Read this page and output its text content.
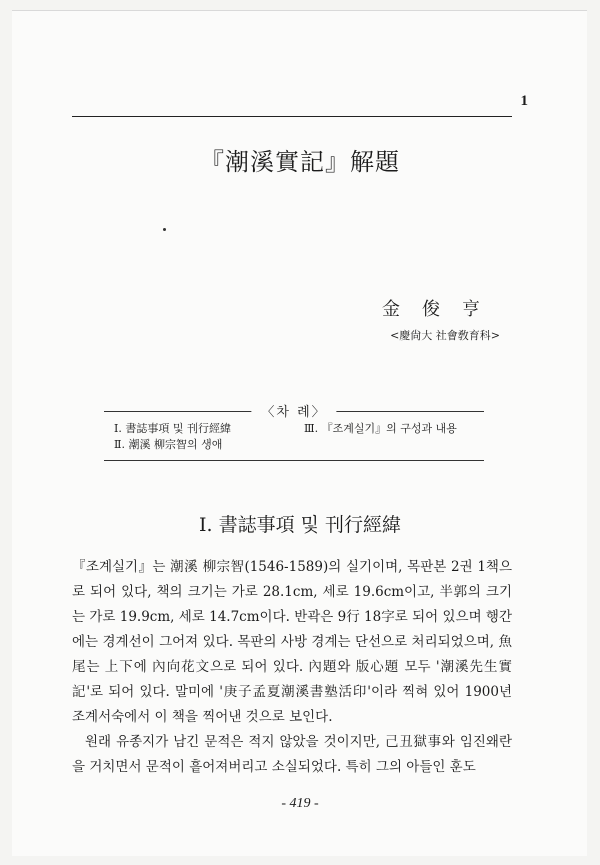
1
『潮溪實記』解題
金俊亨
<慶尙大 社會敎育科>
〈차 례〉
Ⅰ. 書誌事項 및 刊行經緯
Ⅱ. 潮溪 柳宗智의 생애
Ⅲ. 『조계실기』의 구성과 내용
Ⅰ. 書誌事項 및 刊行經緯

『조계실기』는 潮溪 柳宗智(1546-1589)의 실기이며, 목판본 2권 1책으로 되어 있다, 책의 크기는 가로 28.1cm, 세로 19.6cm이고, 半郭의 크기는 가로 19.9cm, 세로 14.7cm이다. 반곽은 9行 18字로 되어 있으며 행간에는 경계선이 그어져 있다. 목판의 사방 경계는 단선으로 처리되었으며, 魚尾는 上下에 內向花文으로 되어 있다. 內題와 版心題 모두 '潮溪先生實記'로 되어 있다. 말미에 '庚子孟夏潮溪書塾活印'이라 찍혀 있어 1900년 조계서숙에서 이 책을 찍어낸 것으로 보인다.

원래 유종지가 남긴 문적은 적지 않았을 것이지만, 己丑獄事와 임진왜란을 거치면서 문적이 흩어져버리고 소실되었다. 특히 그의 아들인 훈도

- 419 -
